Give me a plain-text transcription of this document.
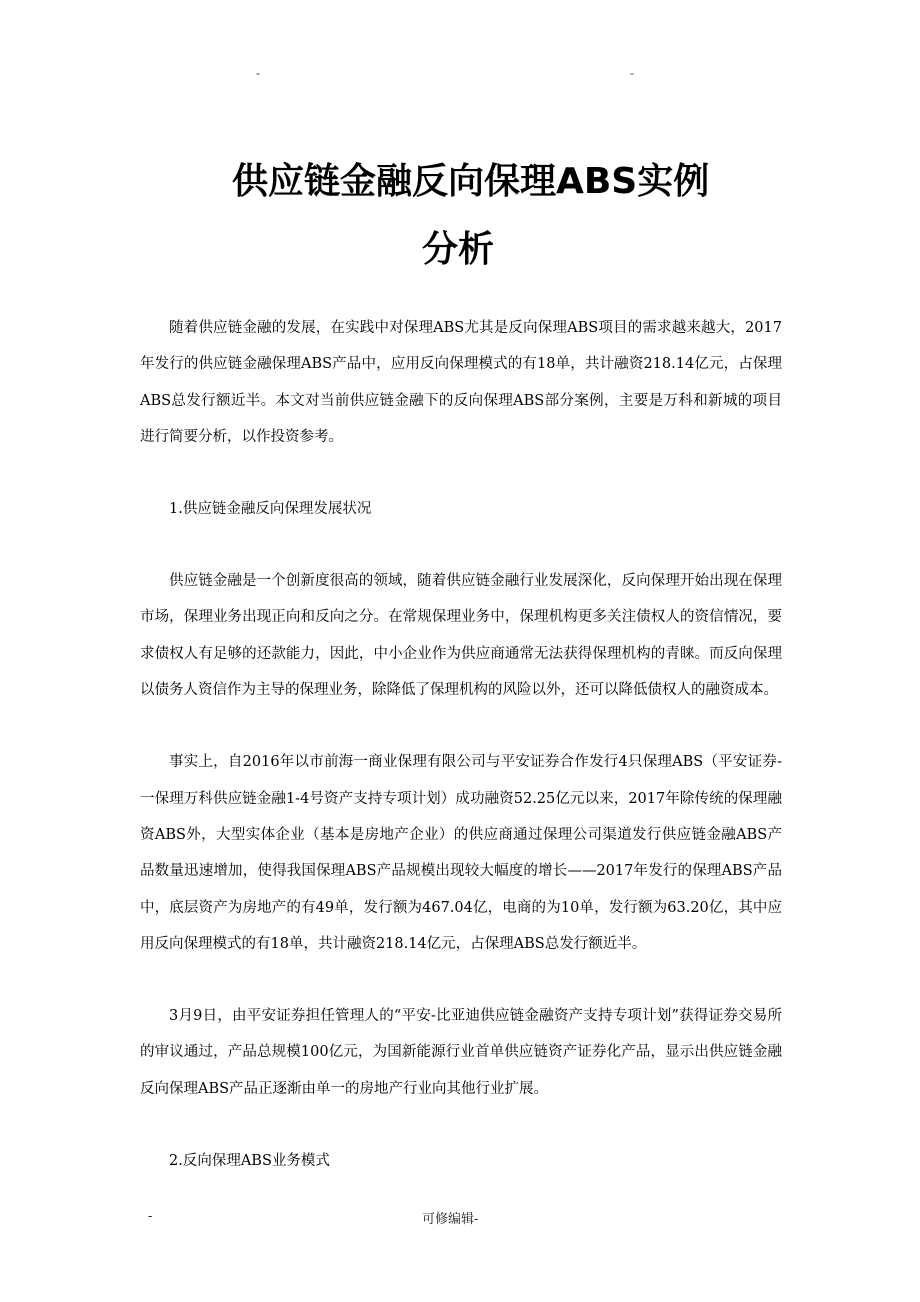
-	-
供应链金融反向保理ABS实例
分析

随着供应链金融的发展，在实践中对保理ABS尤其是反向保理ABS项目的需求越来越大，2017年发行的供应链金融保理ABS产品中，应用反向保理模式的有18单，共计融资218.14亿元，占保理ABS总发行额近半。本文对当前供应链金融下的反向保理ABS部分案例，主要是万科和新城的项目进行简要分析，以作投资参考。

1.供应链金融反向保理发展状况

供应链金融是一个创新度很高的领域，随着供应链金融行业发展深化，反向保理开始出现在保理市场，保理业务出现正向和反向之分。在常规保理业务中，保理机构更多关注债权人的资信情况，要求债权人有足够的还款能力，因此，中小企业作为供应商通常无法获得保理机构的青睐。而反向保理以债务人资信作为主导的保理业务，除降低了保理机构的风险以外，还可以降低债权人的融资成本。

事实上，自2016年以市前海一商业保理有限公司与平安证券合作发行4只保理ABS（平安证券-一保理万科供应链金融1-4号资产支持专项计划）成功融资52.25亿元以来，2017年除传统的保理融资ABS外，大型实体企业（基本是房地产企业）的供应商通过保理公司渠道发行供应链金融ABS产品数量迅速增加，使得我国保理ABS产品规模出现较大幅度的增长——2017年发行的保理ABS产品中，底层资产为房地产的有49单，发行额为467.04亿，电商的为10单，发行额为63.20亿，其中应用反向保理模式的有18单，共计融资218.14亿元，占保理ABS总发行额近半。

3月9日，由平安证券担任管理人的“平安-比亚迪供应链金融资产支持专项计划”获得证券交易所的审议通过，产品总规模100亿元，为国新能源行业首单供应链资产证券化产品，显示出供应链金融反向保理ABS产品正逐渐由单一的房地产行业向其他行业扩展。

2.反向保理ABS业务模式

-	可修编辑-
